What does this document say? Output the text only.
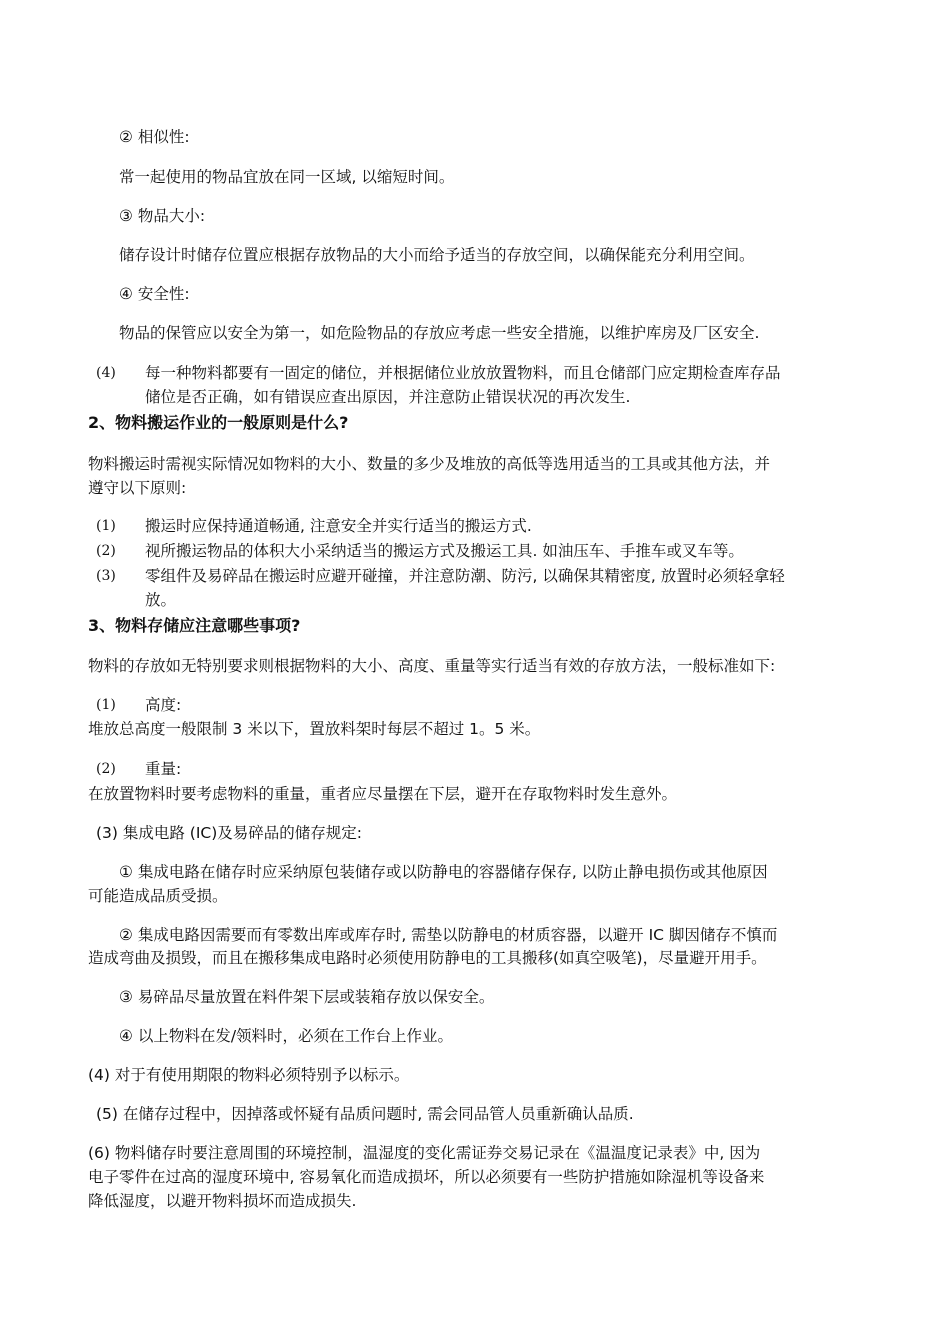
② 相似性:
常一起使用的物品宜放在同一区域, 以缩短时间。
③ 物品大小:
储存设计时储存位置应根据存放物品的大小而给予适当的存放空间，以确保能充分利用空间。
④ 安全性:
物品的保管应以安全为第一，如危险物品的存放应考虑一些安全措施，以维护库房及厂区安全.
(4) 每一种物料都要有一固定的储位，并根据储位业放放置物料，而且仓储部门应定期检查库存品
储位是否正确，如有错误应查出原因，并注意防止错误状况的再次发生.
2、物料搬运作业的一般原则是什么?
物料搬运时需视实际情况如物料的大小、数量的多少及堆放的高低等选用适当的工具或其他方法，并
遵守以下原则:
(1) 搬运时应保持通道畅通, 注意安全并实行适当的搬运方式.
(2) 视所搬运物品的体积大小采纳适当的搬运方式及搬运工具. 如油压车、手推车或叉车等。
(3) 零组件及易碎品在搬运时应避开碰撞，并注意防潮、防污, 以确保其精密度, 放置时必须轻拿轻
放。
3、物料存储应注意哪些事项?
物料的存放如无特别要求则根据物料的大小、高度、重量等实行适当有效的存放方法，一般标准如下:
(1) 高度:
堆放总高度一般限制 3 米以下，置放料架时每层不超过 1。5 米。
(2) 重量:
在放置物料时要考虑物料的重量，重者应尽量摆在下层，避开在存取物料时发生意外。
(3) 集成电路 (IC)及易碎品的储存规定:
① 集成电路在储存时应采纳原包装储存或以防静电的容器储存保存, 以防止静电损伤或其他原因
可能造成品质受损。
② 集成电路因需要而有零数出库或库存时, 需垫以防静电的材质容器，以避开 IC 脚因储存不慎而
造成弯曲及损毁，而且在搬移集成电路时必须使用防静电的工具搬移(如真空吸笔)，尽量避开用手。
③ 易碎品尽量放置在料件架下层或装箱存放以保安全。
④ 以上物料在发/领料时，必须在工作台上作业。
(4) 对于有使用期限的物料必须特别予以标示。
(5) 在储存过程中，因掉落或怀疑有品质问题时, 需会同品管人员重新确认品质.
(6) 物料储存时要注意周围的环境控制，温湿度的变化需证券交易记录在《温温度记录表》中, 因为
电子零件在过高的湿度环境中, 容易氧化而造成损坏，所以必须要有一些防护措施如除湿机等设备来
降低湿度，以避开物料损坏而造成损失.
